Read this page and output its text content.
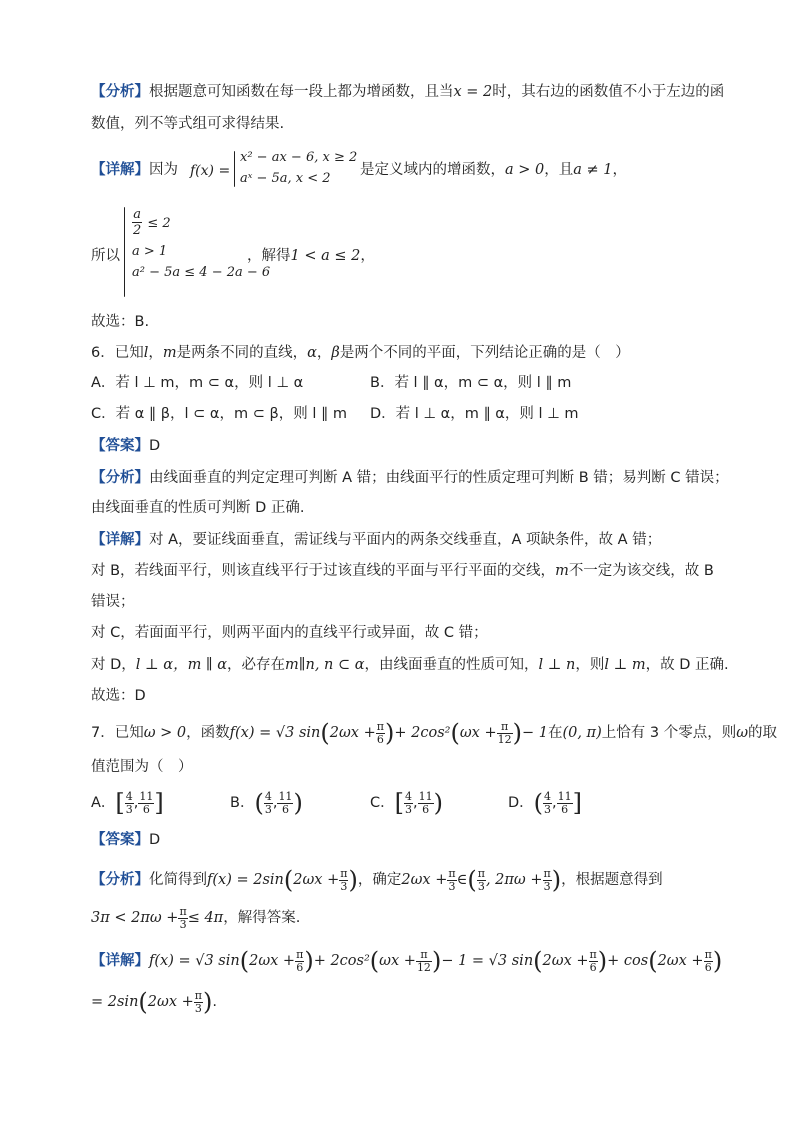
【分析】根据题意可知函数在每一段上都为增函数，且当x = 2时，其右边的函数值不小于左边的函
数值，列不等式组可求得结果.
【详解】因为 f(x) =
x² − ax − 6, x ≥ 2
aˣ − 5a, x < 2
是定义域内的增函数，a > 0，且a ≠ 1，
所以
$\frac{a}{2} \le 2$
a > 1
a² − 5a ≤ 4 − 2a − 6
，解得1 < a ≤ 2，
故选：B.
6．已知l，m是两条不同的直线，α，β是两个不同的平面，下列结论正确的是（　）
A．若 l ⊥ m，m ⊂ α，则 l ⊥ α	B．若 l ∥ α，m ⊂ α，则 l ∥ m
C．若 α ∥ β，l ⊂ α，m ⊂ β，则 l ∥ m D．若 l ⊥ α，m ∥ α，则 l ⊥ m
【答案】D
【分析】由线面垂直的判定定理可判断 A 错；由线面平行的性质定理可判断 B 错；易判断 C 错误；
由线面垂直的性质可判断 D 正确.
【详解】对 A，要证线面垂直，需证线与平面内的两条交线垂直，A 项缺条件，故 A 错；
对 B，若线面平行，则该直线平行于过该直线的平面与平行平面的交线，m不一定为该交线，故 B
错误；
对 C，若面面平行，则两平面内的直线平行或异面，故 C 错；
对 D，l ⊥ α，m ∥ α，必存在m∥n, n ⊂ α，由线面垂直的性质可知，l ⊥ n，则l ⊥ m，故 D 正确.
故选：D
7．已知ω > 0，函数f(x) = √3 $\sin(2\omega x + \frac{\pi}{6}$ )+ $2\cos^2(\omega x + \frac{\pi}{12}$ )− 1在(0, π)上恰有 3 个零点，则ω的取
值范围为（　）
A．[ $\frac{4}{3}$ , $\frac{11}{6}$ ]	B．( $\frac{4}{3}$ , $\frac{11}{6}$ )	C．[ $\frac{4}{3}$ , $\frac{11}{6}$ )	D．( $\frac{4}{3}$ , $\frac{11}{6}$ ]
【答案】D
【分析】化简得到$f(x) = 2\sin(2\omega x + \frac{\pi}{3}$ )，确定$2\omega x + \frac{\pi}{3}$ ∈( $\frac{\pi}{3}$ , $2\pi\omega + \frac{\pi}{3}$ )，根据题意得到
$3\pi < 2\pi\omega + \frac{\pi}{3} \le 4\pi$，解得答案.
【详解】f(x) = √3 $\sin(2\omega x + \frac{\pi}{6}$ )+ $2\cos^2(\omega x + \frac{\pi}{12}$ )− 1 = √3 $\sin(2\omega x + \frac{\pi}{6}$ )+ $\cos(2\omega x + \frac{\pi}{6}$ )
= $2\sin(2\omega x + \frac{\pi}{3}$ ).
